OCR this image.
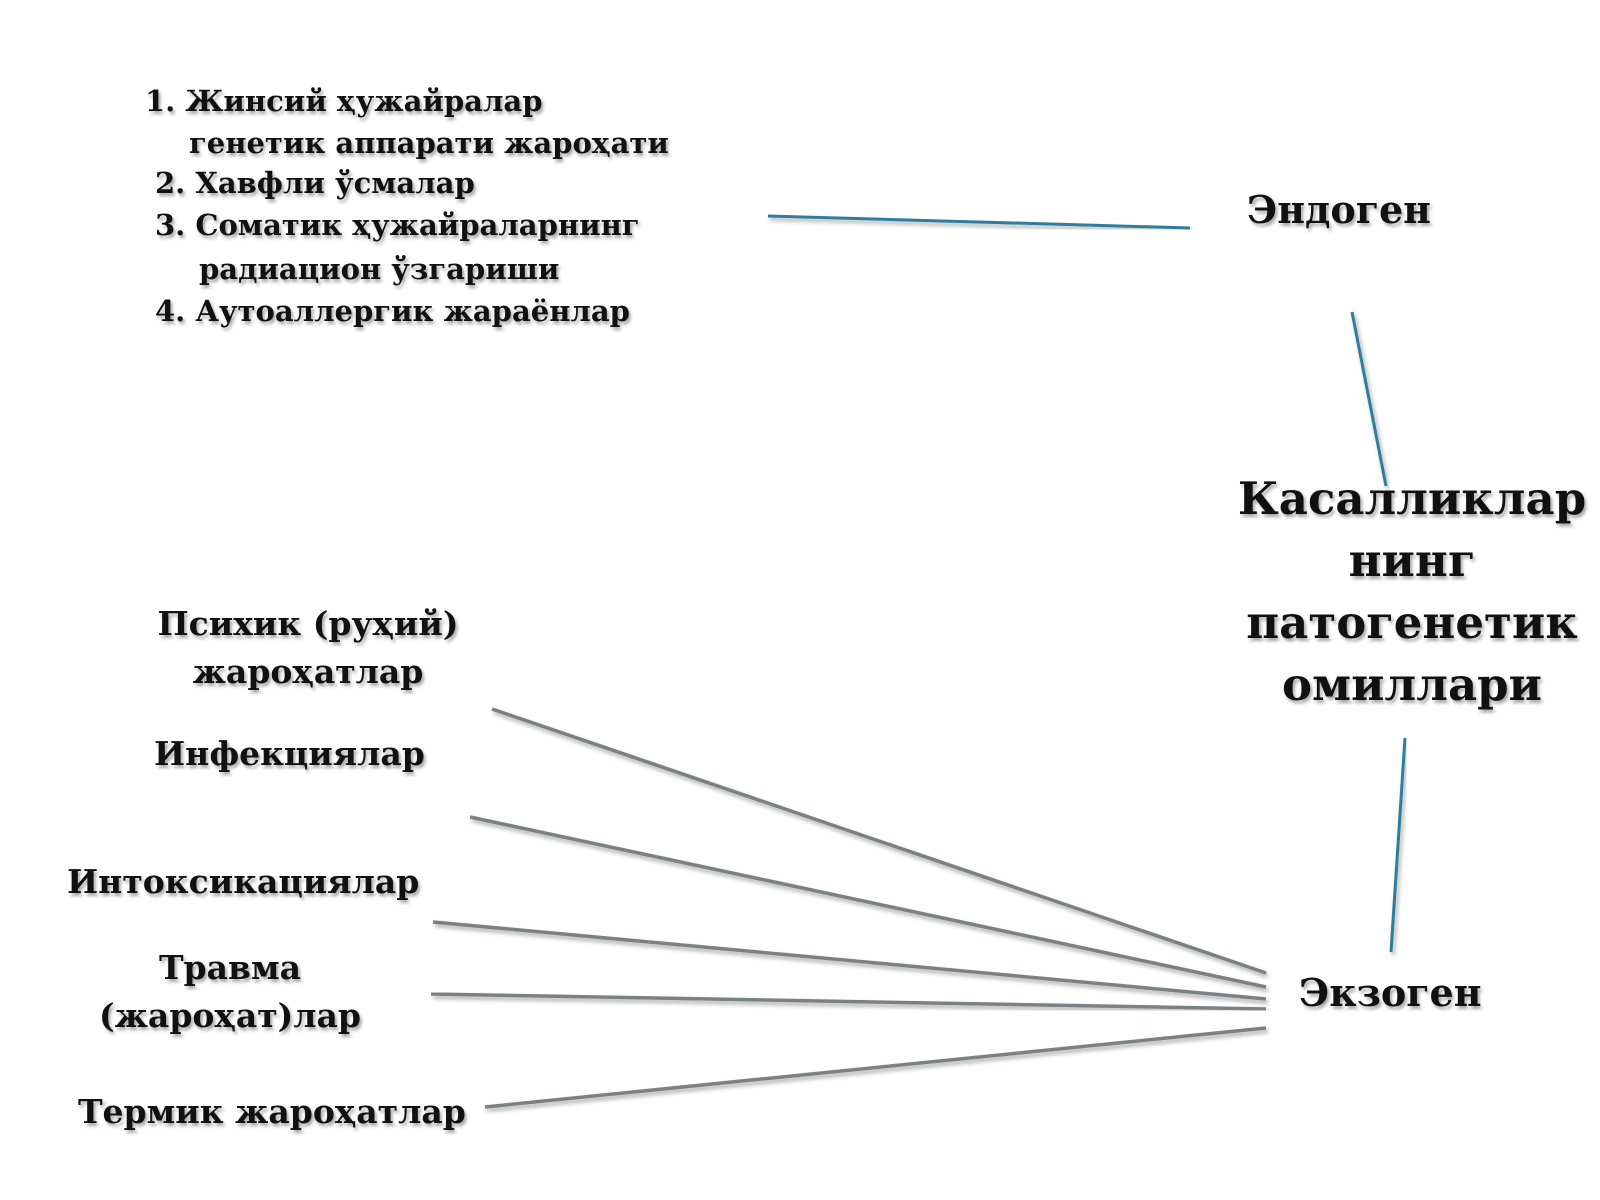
1. Жинсий ҳужайралар
генетик аппарати жароҳати
2. Хавфли ўсмалар
3. Соматик ҳужайраларнинг
радиацион ўзгариши
4. Аутоаллергик жараёнлар
Эндоген
Касалликлар
нинг
патогенетик
омиллари
Экзоген
Психик (руҳий)
жароҳатлар
Инфекциялар
Интоксикациялар
Травма
(жароҳат)лар
Термик жароҳатлар
